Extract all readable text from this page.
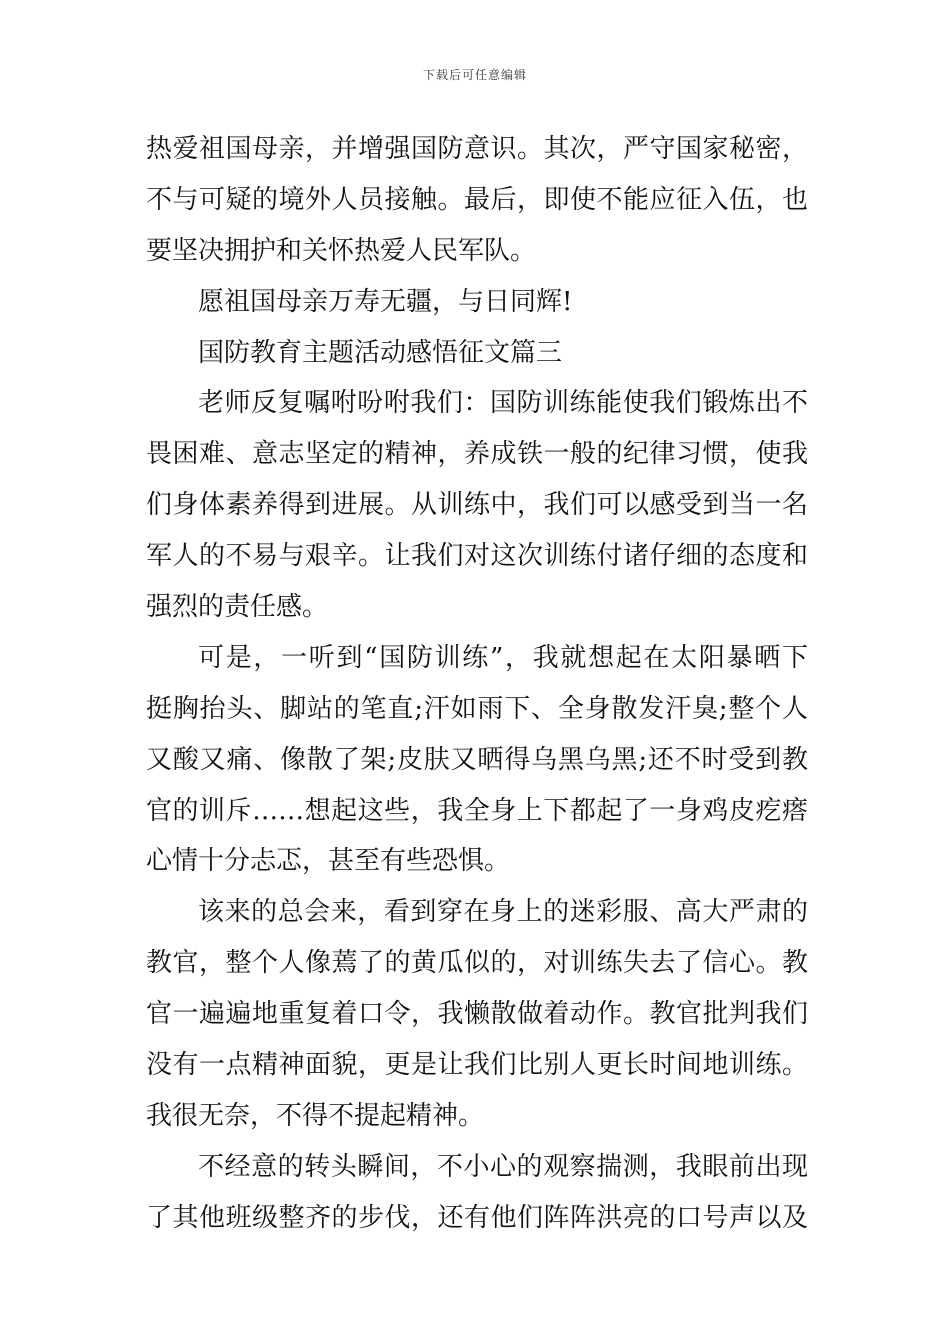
下载后可任意编辑
热爱祖国母亲，并增强国防意识。其次，严守国家秘密，
不与可疑的境外人员接触。最后，即使不能应征入伍，也
要坚决拥护和关怀热爱人民军队。
愿祖国母亲万寿无疆，与日同辉!
国防教育主题活动感悟征文篇三
老师反复嘱咐吩咐我们：国防训练能使我们锻炼出不
畏困难、意志坚定的精神，养成铁一般的纪律习惯，使我
们身体素养得到进展。从训练中，我们可以感受到当一名
军人的不易与艰辛。让我们对这次训练付诸仔细的态度和
强烈的责任感。
可是，一听到“国防训练”，我就想起在太阳暴晒下
挺胸抬头、脚站的笔直;汗如雨下、全身散发汗臭;整个人
又酸又痛、像散了架;皮肤又晒得乌黑乌黑;还不时受到教
官的训斥……想起这些，我全身上下都起了一身鸡皮疙瘩
心情十分忐忑，甚至有些恐惧。
该来的总会来，看到穿在身上的迷彩服、高大严肃的
教官，整个人像蔫了的黄瓜似的，对训练失去了信心。教
官一遍遍地重复着口令，我懒散做着动作。教官批判我们
没有一点精神面貌，更是让我们比别人更长时间地训练。
我很无奈，不得不提起精神。
不经意的转头瞬间，不小心的观察揣测，我眼前出现
了其他班级整齐的步伐，还有他们阵阵洪亮的口号声以及
